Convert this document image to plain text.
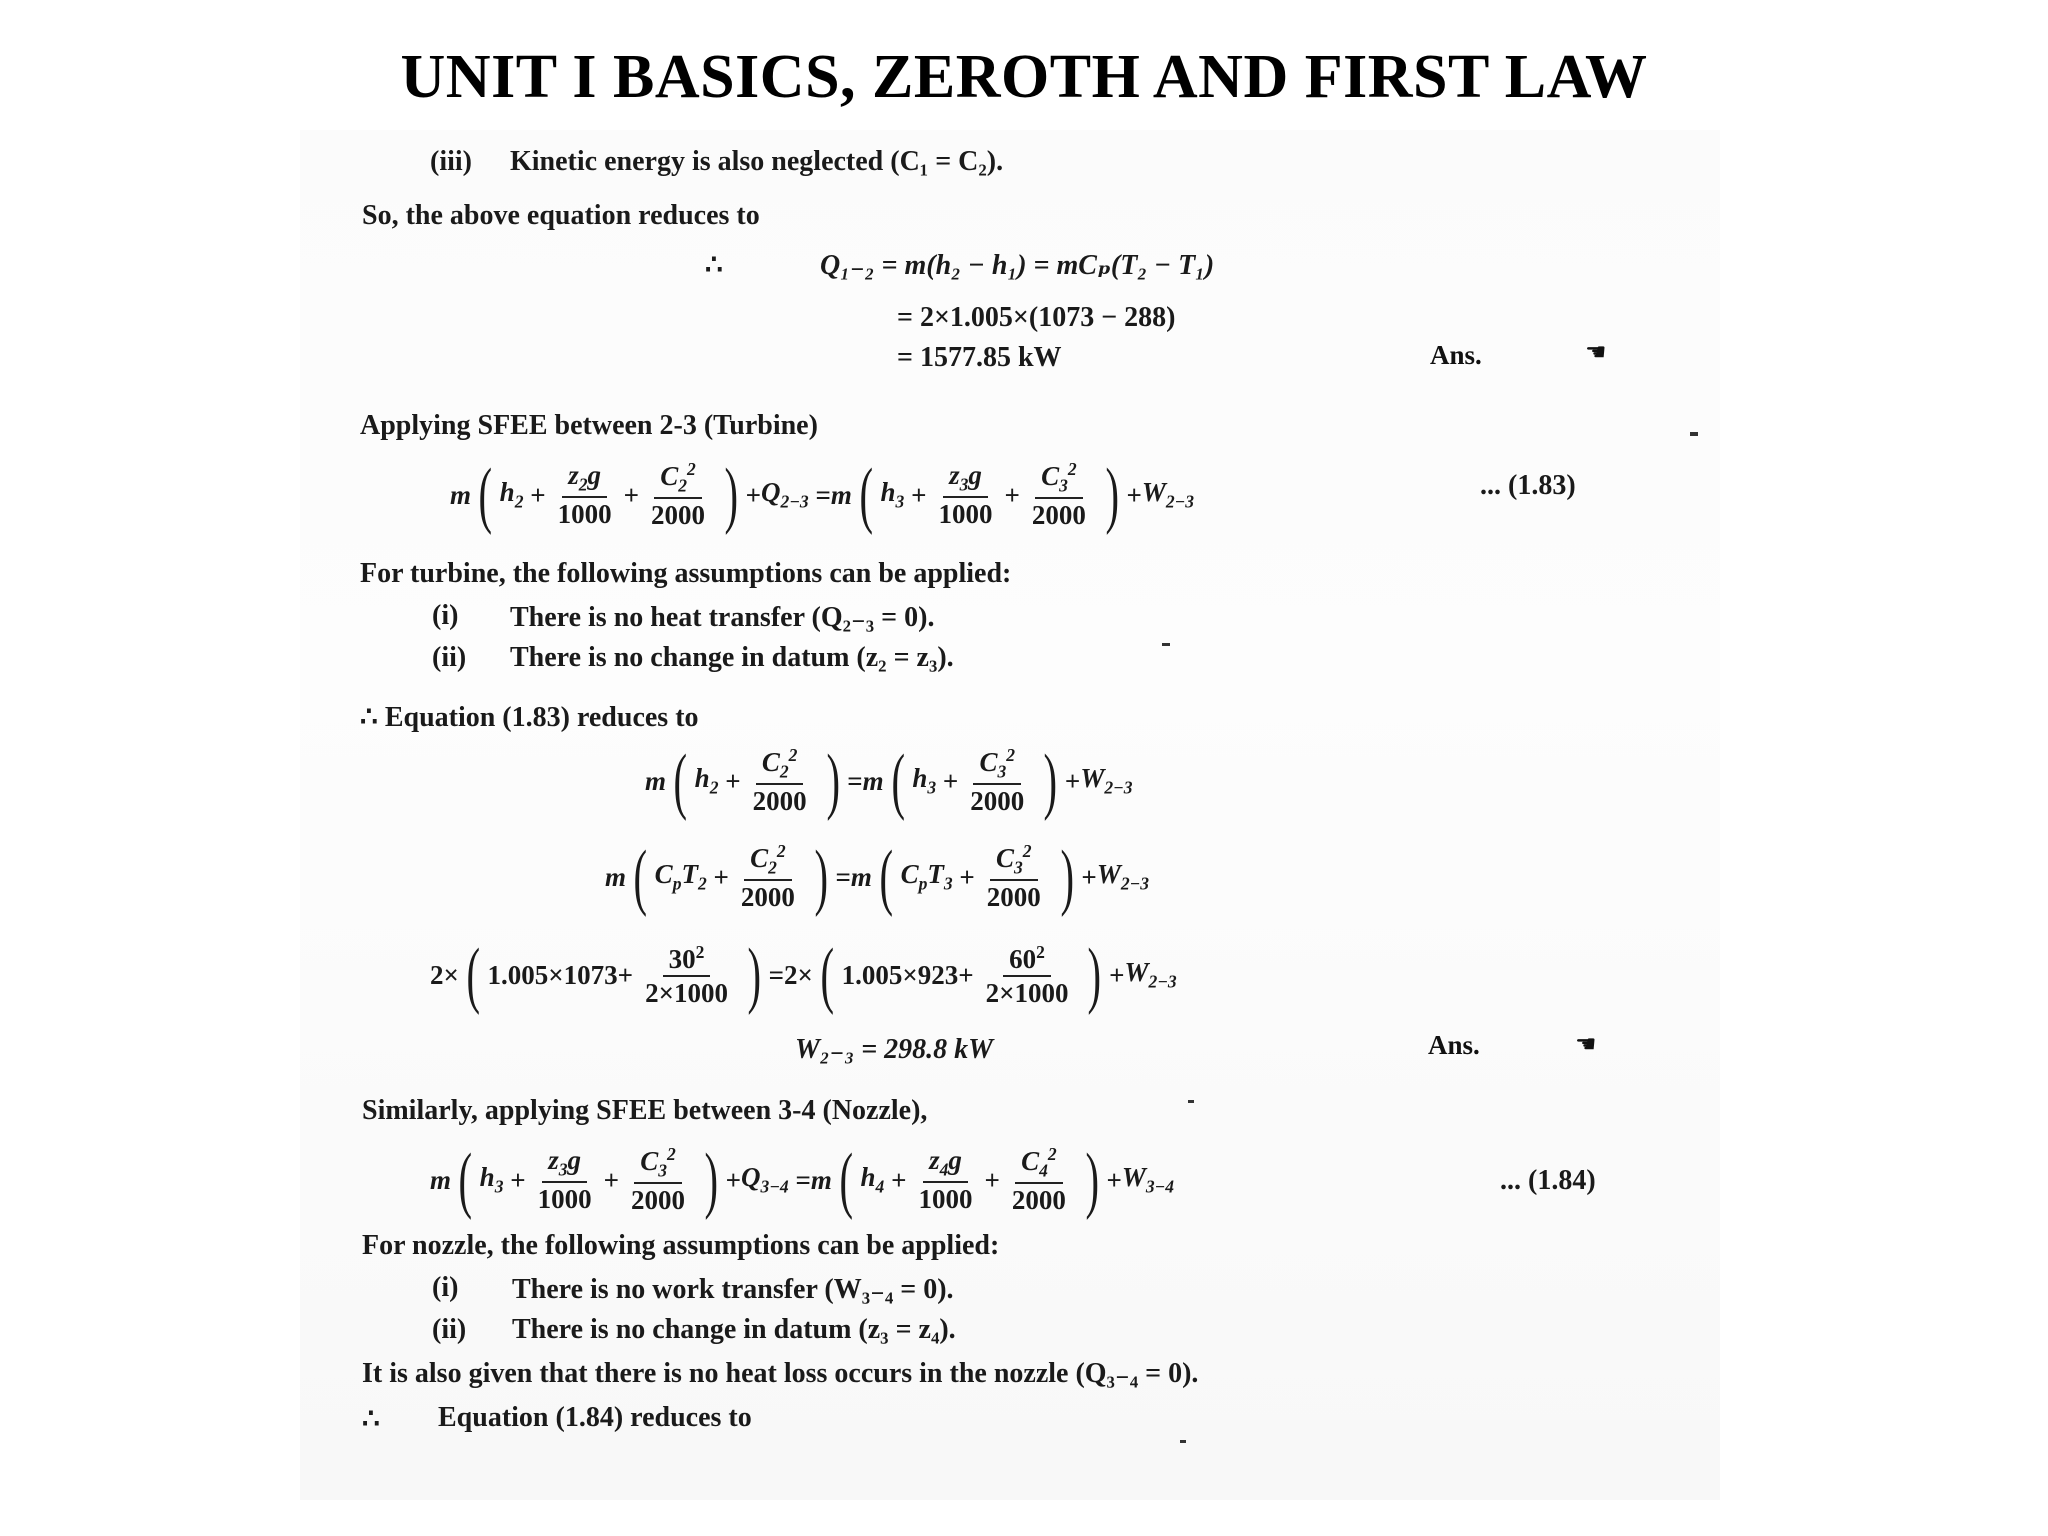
UNIT I BASICS, ZEROTH AND FIRST LAW
(iii) Kinetic energy is also neglected (C₁ = C₂).
So, the above equation reduces to
∴	Q₁₋₂ = m(h₂ − h₁) = mCₚ(T₂ − T₁)
= 2×1.005×(1073 − 288)
= 1577.85 kW	Ans.	☚
Applying SFEE between 2-3 (Turbine)
m ( $h_2 + \frac{z_2g}{1000} + \frac{C_2^2}{2000}$ ) + $Q_{2-3} = m$ ( $h_3 + \frac{z_3g}{1000} + \frac{C_3^2}{2000}$ ) + $W_{2-3}$
... (1.83)
For turbine, the following assumptions can be applied:
(i) There is no heat transfer (Q₂₋₃ = 0).
(ii) There is no change in datum (z₂ = z₃).
∴ Equation (1.83) reduces to
m ( $h_2 + \frac{C_2^2}{2000}$ ) = m ( $h_3 + \frac{C_3^2}{2000}$ ) + $W_{2-3}$
m ( $C_pT_2 + \frac{C_2^2}{2000}$ ) = m ( $C_pT_3 + \frac{C_3^2}{2000}$ ) + $W_{2-3}$
2× ( $1.005\times 1073+ \frac{30^2}{2\times 1000}$ ) =2× ( $1.005\times 923+ \frac{60^2}{2\times 1000}$ ) + $W_{2-3}$
W₂₋₃ = 298.8 kW	Ans.	☚
Similarly, applying SFEE between 3-4 (Nozzle),
m ( $h_3 + \frac{z_3g}{1000} + \frac{C_3^2}{2000}$ ) + $Q_{3-4} = m$ ( $h_4 + \frac{z_4g}{1000} + \frac{C_4^2}{2000}$ ) + $W_{3-4}$	... (1.84)
For nozzle, the following assumptions can be applied:
(i) There is no work transfer (W₃₋₄ = 0).
(ii) There is no change in datum (z₃ = z₄).
It is also given that there is no heat loss occurs in the nozzle (Q₃₋₄ = 0).
∴ Equation (1.84) reduces to
